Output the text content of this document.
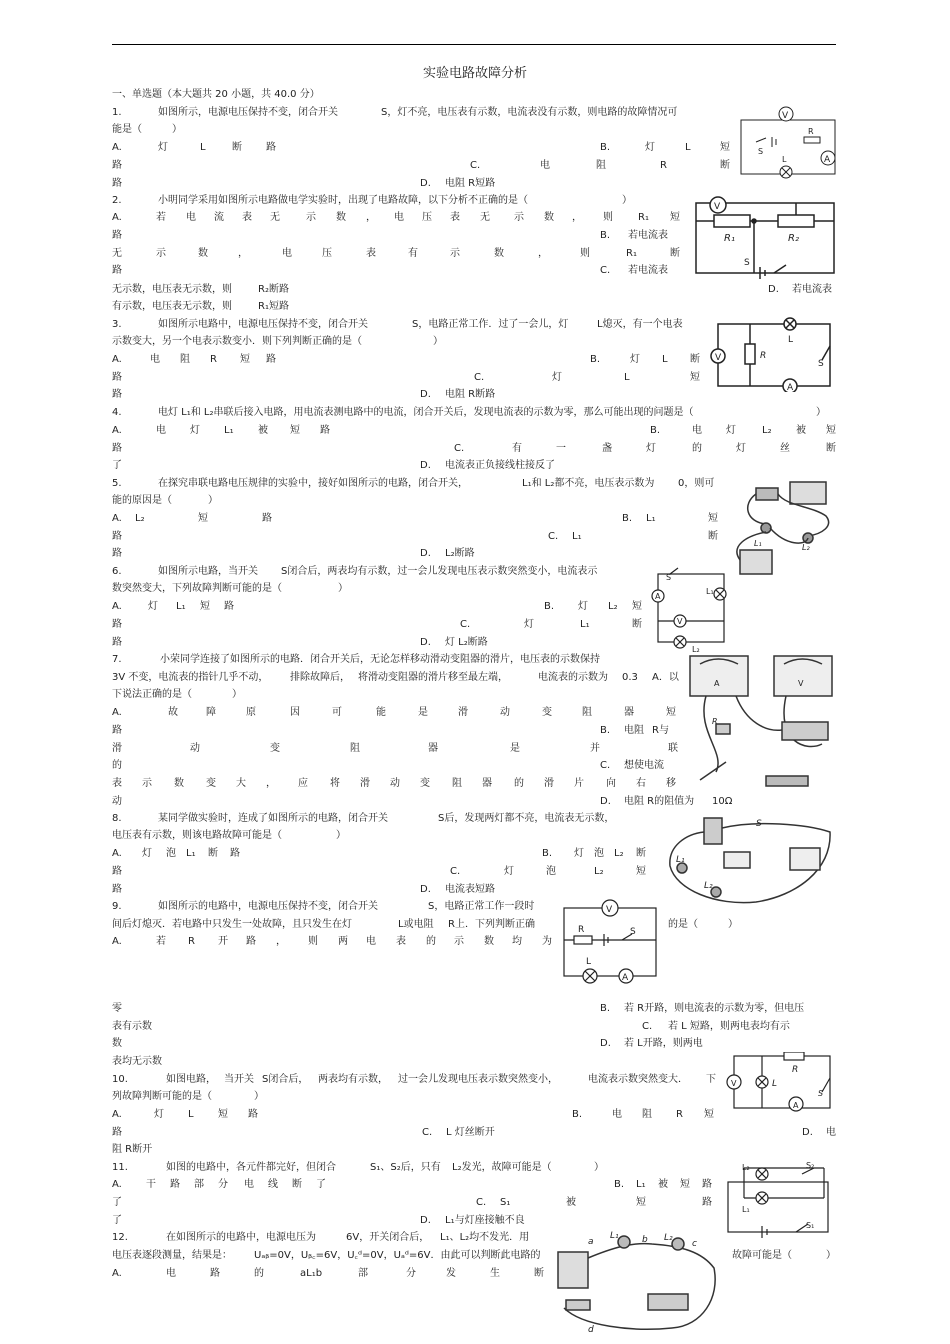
实验电路故障分析
一、单选题（本大题共 20 小题，共 40.0 分）
1.	如图所示，电源电压保持不变，闭合开关	S，灯不亮，电压表有示数，电流表没有示数，则电路的故障情况可
能是（	）
A.	灯	L	断 路	B.	灯	L	短
路	C.	电	阻	R	断
路	D. 电阻 R短路
2.	小明同学采用如图所示电路做电学实验时，出现了电路故障，以下分析不正确的是（	）
A.	若 电 流 表 无	示 数 ， 电 压 表 无 示 数 ， 则	R₁ 短
路	B. 若电流表
无	示	数	，	电	压	表	有	示	数	，	则	R₁	断
路	C. 若电流表
无示数，电压表无示数，则	R₂断路	D. 若电流表
有示数，电压表无示数，则	R₁短路
3.	如图所示电路中，电源电压保持不变，闭合开关	S，电路正常工作．过了一会儿，灯	L熄灭，有一个电表
示数变大，另一个电表示数变小．则下列判断正确的是（	）
A.	电 阻 R 短 路	B.	灯 L 断
路	C.	灯	L	短
路	D. 电阻 R断路
4.	电灯 L₁和 L₂串联后接入电路，用电流表测电路中的电流，闭合开关后，发现电流表的示数为零，那么可能出现的问题是（	）
A.	电 灯 L₁ 被 短 路	B.	电 灯	L₂ 被 短
路	C.	有	一	盏	灯	的	灯	丝	断
了	D. 电流表正负接线柱接反了
5.	在探究串联电路电压规律的实验中，接好如图所示的电路，闭合开关，	L₁和 L₂都不亮，电压表示数为 0，则可
能的原因是（	）
A. L₂	短	路	B. L₁	短
路	C. L₁	断
路	D. L₂断路
6.	如图所示电路，当开关 S闭合后，两表均有示数，过一会儿发现电压表示数突然变小，电流表示
数突然变大，下列故障判断可能的是（	）
A.	灯 L₁ 短 路	B. 灯 L₂ 短
路	C.	灯	L₁	断
路	D. 灯 L₂断路
7.	小荣同学连接了如图所示的电路．闭合开关后，无论怎样移动滑动变阻器的滑片，电压表的示数保持
3V 不变，电流表的指针几乎不动， 排除故障后， 将滑动变阻器的滑片移至最左端，	电流表的示数为 0.3 A．以
下说法正确的是（	）
A.	故	障	原	因	可	能	是	滑	动	变	阻	器	短
路	B. 电阻 R与
滑	动	变	阻	器	是	并	联
的	C. 想使电流
表 示 数 变 大 ， 应 将 滑 动 变 阻 器 的 滑 片 向 右 移
动	D. 电阻 R的阻值为 10Ω
8.	某同学做实验时，连成了如图所示的电路，闭合开关	S后，发现两灯都不亮，电流表无示数，
电压表有示数，则该电路故障可能是（	）
A. 灯 泡 L₁ 断 路	B. 灯 泡 L₂ 断
路	C.	灯	泡	L₂	短
路	D. 电流表短路
9.	如图所示的电路中，电源电压保持不变，闭合开关	S，电路正常工作一段时
间后灯熄灭．若电路中只发生一处故障，且只发生在灯	L或电阻 R上．下列判断正确	的是（	）
A.	若 R 开 路 ， 则 两 电 表 的 示 数 均 为
零	B. 若 R开路，则电流表的示数为零，但电压
表有示数	C. 若 L 短路，则两电表均有示
数	D. 若 L开路，则两电
表均无示数
10.	如图电路， 当开关 S闭合后， 两表均有示数， 过一会儿发现电压表示数突然变小，	电流表示数突然变大． 下
列故障判断可能的是（	）
A.	灯 L 短 路	B.	电 阻 R 短
路	C. L 灯丝断开	D. 电
阻 R断开
11.	如图的电路中，各元件都完好，但闭合	S₁、S₂后，只有 L₂发光，故障可能是（	）
A. 干 路 部 分 电 线 断 了	B. L₁ 被 短 路
了	C. S₁	被	短	路
了	D. L₁与灯座接触不良
12.	在如图所示的电路中，电源电压为	6V，开关闭合后， L₁、L₂均不发光．用
电压表逐段测量，结果是： Uₐᵦ=0V，Uᵦ꜀=6V，U꜀ᵈ=0V，Uₐᵈ=6V．由此可以判断此电路的	故障可能是（	）
A.	电	路	的	aL₁b	部	分	发	生	断
V
A
S
L
R
V
R₁	R₂
S
V
A
R
L
S
L₁	L₂
A
V
S
L₁
L₂
A	V
R
L₁
L₂
S
V
A
R	S
L
V	L
R
A
S
L₂
L₁
S₂
S₁
L₁	L₂
a	b	c
d
